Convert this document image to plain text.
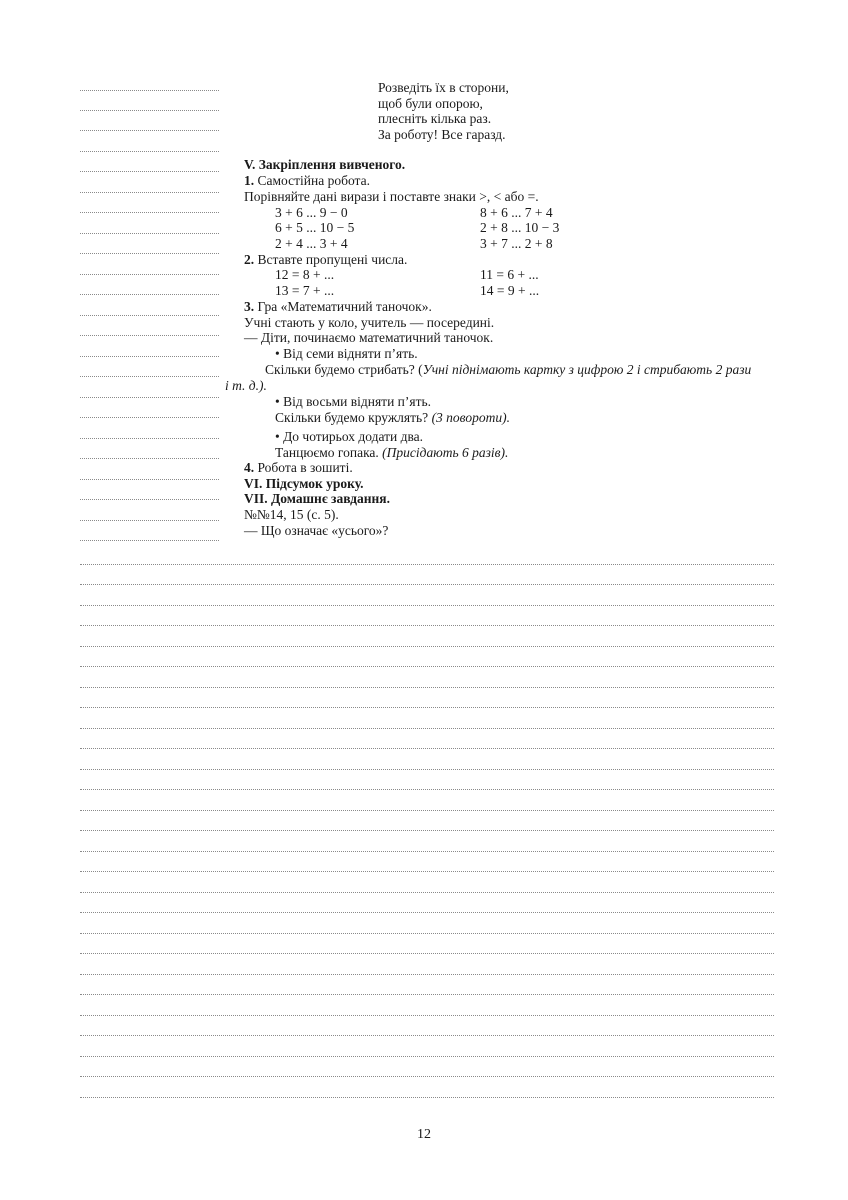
Розведіть їх в сторони,
щоб були опорою,
плесніть кілька раз.
За роботу! Все гаразд.
V. Закріплення вивченого.
1. Самостійна робота.
Порівняйте дані вирази і поставте знаки >, < або =.
3 + 6 ... 9 − 0
6 + 5 ... 10 − 5
2 + 4 ... 3 + 4
8 + 6 ... 7 + 4
2 + 8 ... 10 − 3
3 + 7 ... 2 + 8
2. Вставте пропущені числа.
12 = 8 + ...
13 = 7 + ...
11 = 6 + ...
14 = 9 + ...
3. Гра «Математичний таночок».
Учні стають у коло, учитель — посередині.
— Діти, починаємо математичний таночок.
• Від семи відняти п’ять.
Скільки будемо стрибать? (Учні піднімають картку з цифрою 2 і стрибають 2 рази
і т. д.).
• Від восьми відняти п’ять.
Скільки будемо кружлять? (3 повороти).
• До чотирьох додати два.
Танцюємо гопака. (Присідають 6 разів).
4. Робота в зошиті.
VI. Підсумок уроку.
VII. Домашнє завдання.
№№14, 15 (с. 5).
— Що означає «усього»?
12
